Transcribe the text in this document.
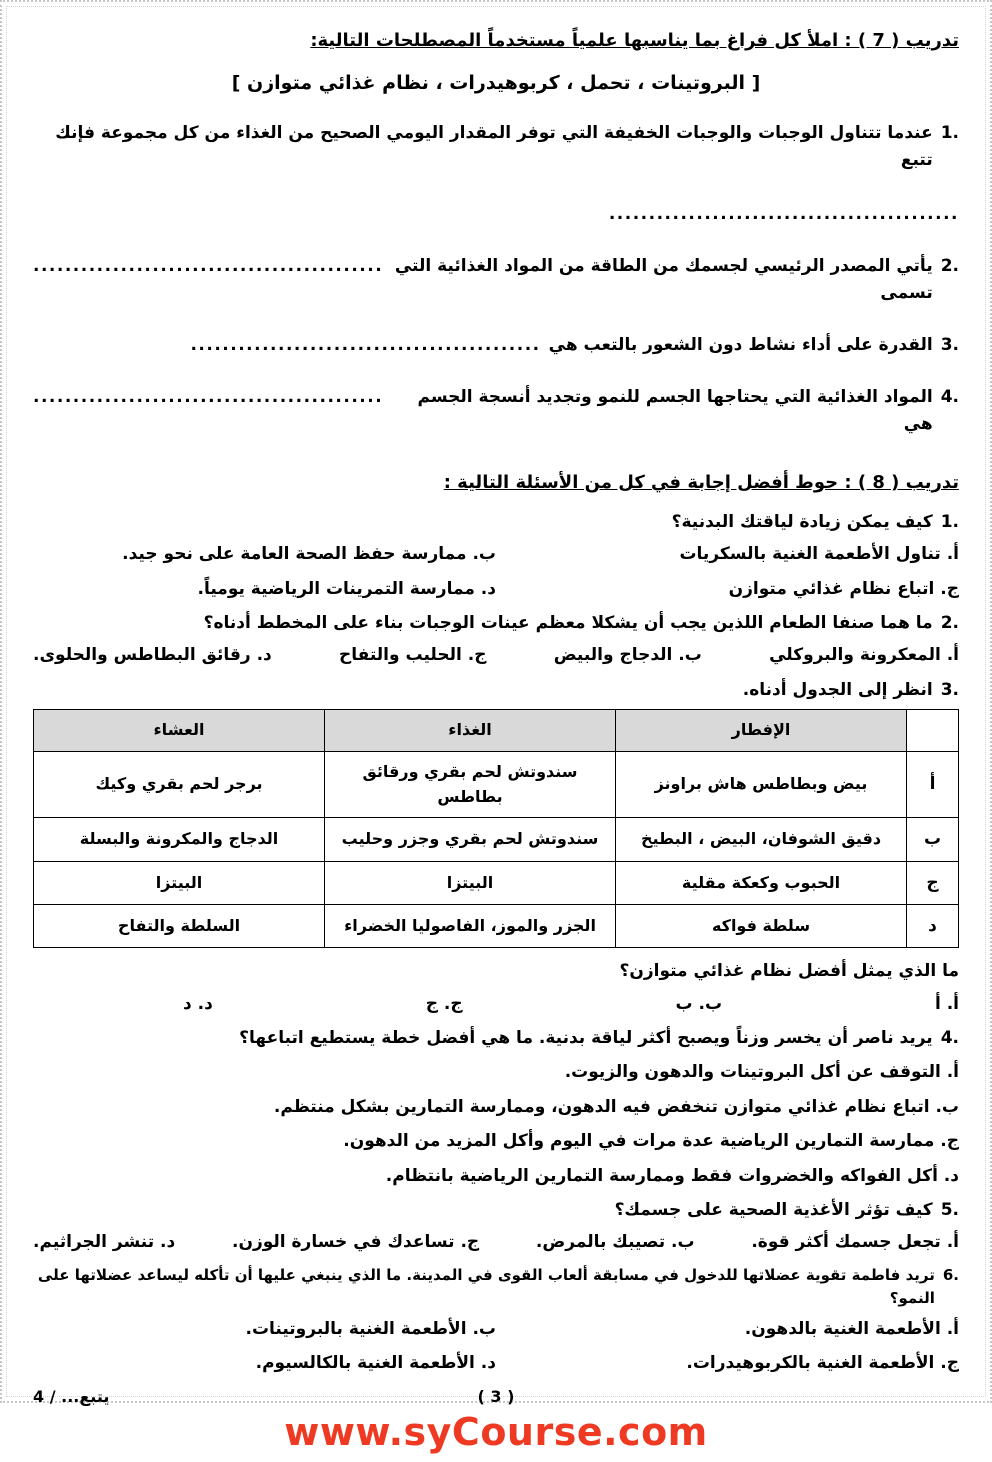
تدريب ( 7 ) : املأ كل فراغ بما يناسبها علمياً مستخدماً المصطلحات التالية:
[ البروتينات ، تحمل ، كربوهيدرات ، نظام غذائي متوازن ]
1.
عندما تتناول الوجبات والوجبات الخفيفة التي توفر المقدار اليومي الصحيح من الغذاء من كل مجموعة فإنك تتبع
............................................
2.
يأتي المصدر الرئيسي لجسمك من الطاقة من المواد الغذائية التي تسمى
............................................
3.
القدرة على أداء نشاط دون الشعور بالتعب هي
............................................
4.
المواد الغذائية التي يحتاجها الجسم للنمو وتجديد أنسجة الجسم هي
............................................
تدريب ( 8 ) : حوط أفضل إجابة في كل من الأسئلة التالية :
1.
كيف يمكن زيادة لياقتك البدنية؟
أ. تناول الأطعمة الغنية بالسكريات
ب. ممارسة حفظ الصحة العامة على نحو جيد.
ج. اتباع نظام غذائي متوازن
د. ممارسة التمرينات الرياضية يومياً.
2.
ما هما صنفا الطعام اللذين يجب أن يشكلا معظم عينات الوجبات بناء على المخطط أدناه؟
أ. المعكرونة والبروكلي
ب. الدجاج والبيض
ج. الحليب والتفاح
د. رقائق البطاطس والحلوى.
3.
انظر إلى الجدول أدناه.
	الإفطار	الغذاء	العشاء
أ	بيض وبطاطس هاش براونز	سندوتش لحم بقري ورقائق بطاطس	برجر لحم بقري وكيك
ب	دقيق الشوفان، البيض ، البطيخ	سندوتش لحم بقري وجزر وحليب	الدجاج والمكرونة والبسلة
ج	الحبوب وكعكة مقلية	البيتزا	البيتزا
د	سلطة فواكه	الجزر والموز، الفاصوليا الخضراء	السلطة والتفاح
ما الذي يمثل أفضل نظام غذائي متوازن؟
أ. أ
ب. ب
ج. ج
د. د
4.
يريد ناصر أن يخسر وزناً ويصبح أكثر لياقة بدنية. ما هي أفضل خطة يستطيع اتباعها؟
أ. التوقف عن أكل البروتينات والدهون والزيوت.
ب. اتباع نظام غذائي متوازن تنخفض فيه الدهون، وممارسة التمارين بشكل منتظم.
ج. ممارسة التمارين الرياضية عدة مرات في اليوم وأكل المزيد من الدهون.
د. أكل الفواكه والخضروات فقط وممارسة التمارين الرياضية بانتظام.
5.
كيف تؤثر الأغذية الصحية على جسمك؟
أ. تجعل جسمك أكثر قوة.
ب. تصيبك بالمرض.
ج. تساعدك في خسارة الوزن.
د. تنشر الجراثيم.
6.
تريد فاطمة تقوية عضلاتها للدخول في مسابقة ألعاب القوى في المدينة. ما الذي ينبغي عليها أن تأكله ليساعد عضلاتها على النمو؟
أ. الأطعمة الغنية بالدهون.
ب. الأطعمة الغنية بالبروتينات.
ج. الأطعمة الغنية بالكربوهيدرات.
د. الأطعمة الغنية بالكالسيوم.
( 3 )
يتبع... / 4
www.syCourse.com
